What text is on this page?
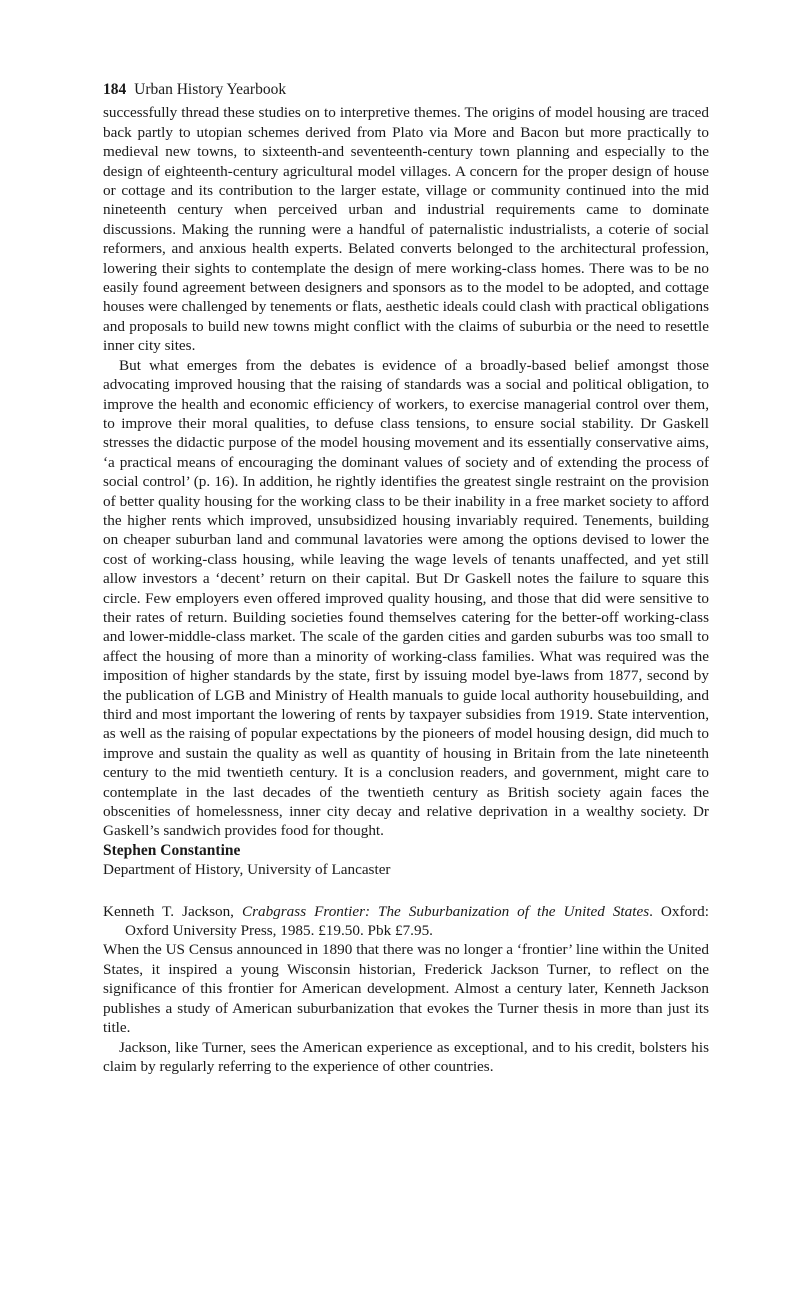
184 Urban History Yearbook

successfully thread these studies on to interpretive themes. The origins of model housing are traced back partly to utopian schemes derived from Plato via More and Bacon but more practically to medieval new towns, to sixteenth-and seventeenth-century town planning and especially to the design of eighteenth-century agricultural model villages. A concern for the proper design of house or cottage and its contribution to the larger estate, village or community continued into the mid nineteenth century when perceived urban and industrial requirements came to dominate discussions. Making the running were a handful of paternalistic industrialists, a coterie of social reformers, and anxious health experts. Belated converts belonged to the architectural profession, lowering their sights to contemplate the design of mere working-class homes. There was to be no easily found agreement between designers and sponsors as to the model to be adopted, and cottage houses were challenged by tenements or flats, aesthetic ideals could clash with practical obligations and proposals to build new towns might conflict with the claims of suburbia or the need to resettle inner city sites.

But what emerges from the debates is evidence of a broadly-based belief amongst those advocating improved housing that the raising of standards was a social and political obligation, to improve the health and economic efficiency of workers, to exercise managerial control over them, to improve their moral qualities, to defuse class tensions, to ensure social stability. Dr Gaskell stresses the didactic purpose of the model housing movement and its essentially conservative aims, ‘a practical means of encouraging the dominant values of society and of extending the process of social control’ (p. 16). In addition, he rightly identifies the greatest single restraint on the provision of better quality housing for the working class to be their inability in a free market society to afford the higher rents which improved, unsubsidized housing invariably required. Tenements, building on cheaper suburban land and communal lavatories were among the options devised to lower the cost of working-class housing, while leaving the wage levels of tenants unaffected, and yet still allow investors a ‘decent’ return on their capital. But Dr Gaskell notes the failure to square this circle. Few employers even offered improved quality housing, and those that did were sensitive to their rates of return. Building societies found themselves catering for the better-off working-class and lower-middle-class market. The scale of the garden cities and garden suburbs was too small to affect the housing of more than a minority of working-class families. What was required was the imposition of higher standards by the state, first by issuing model bye-laws from 1877, second by the publication of LGB and Ministry of Health manuals to guide local authority housebuilding, and third and most important the lowering of rents by taxpayer subsidies from 1919. State intervention, as well as the raising of popular expectations by the pioneers of model housing design, did much to improve and sustain the quality as well as quantity of housing in Britain from the late nineteenth century to the mid twentieth century. It is a conclusion readers, and government, might care to contemplate in the last decades of the twentieth century as British society again faces the obscenities of homelessness, inner city decay and relative deprivation in a wealthy society. Dr Gaskell’s sandwich provides food for thought.

Stephen Constantine

Department of History, University of Lancaster

Kenneth T. Jackson, Crabgrass Frontier: The Suburbanization of the United States. Oxford: Oxford University Press, 1985. £19.50. Pbk £7.95.

When the US Census announced in 1890 that there was no longer a ‘frontier’ line within the United States, it inspired a young Wisconsin historian, Frederick Jackson Turner, to reflect on the significance of this frontier for American development. Almost a century later, Kenneth Jackson publishes a study of American suburbanization that evokes the Turner thesis in more than just its title.

Jackson, like Turner, sees the American experience as exceptional, and to his credit, bolsters his claim by regularly referring to the experience of other countries.
